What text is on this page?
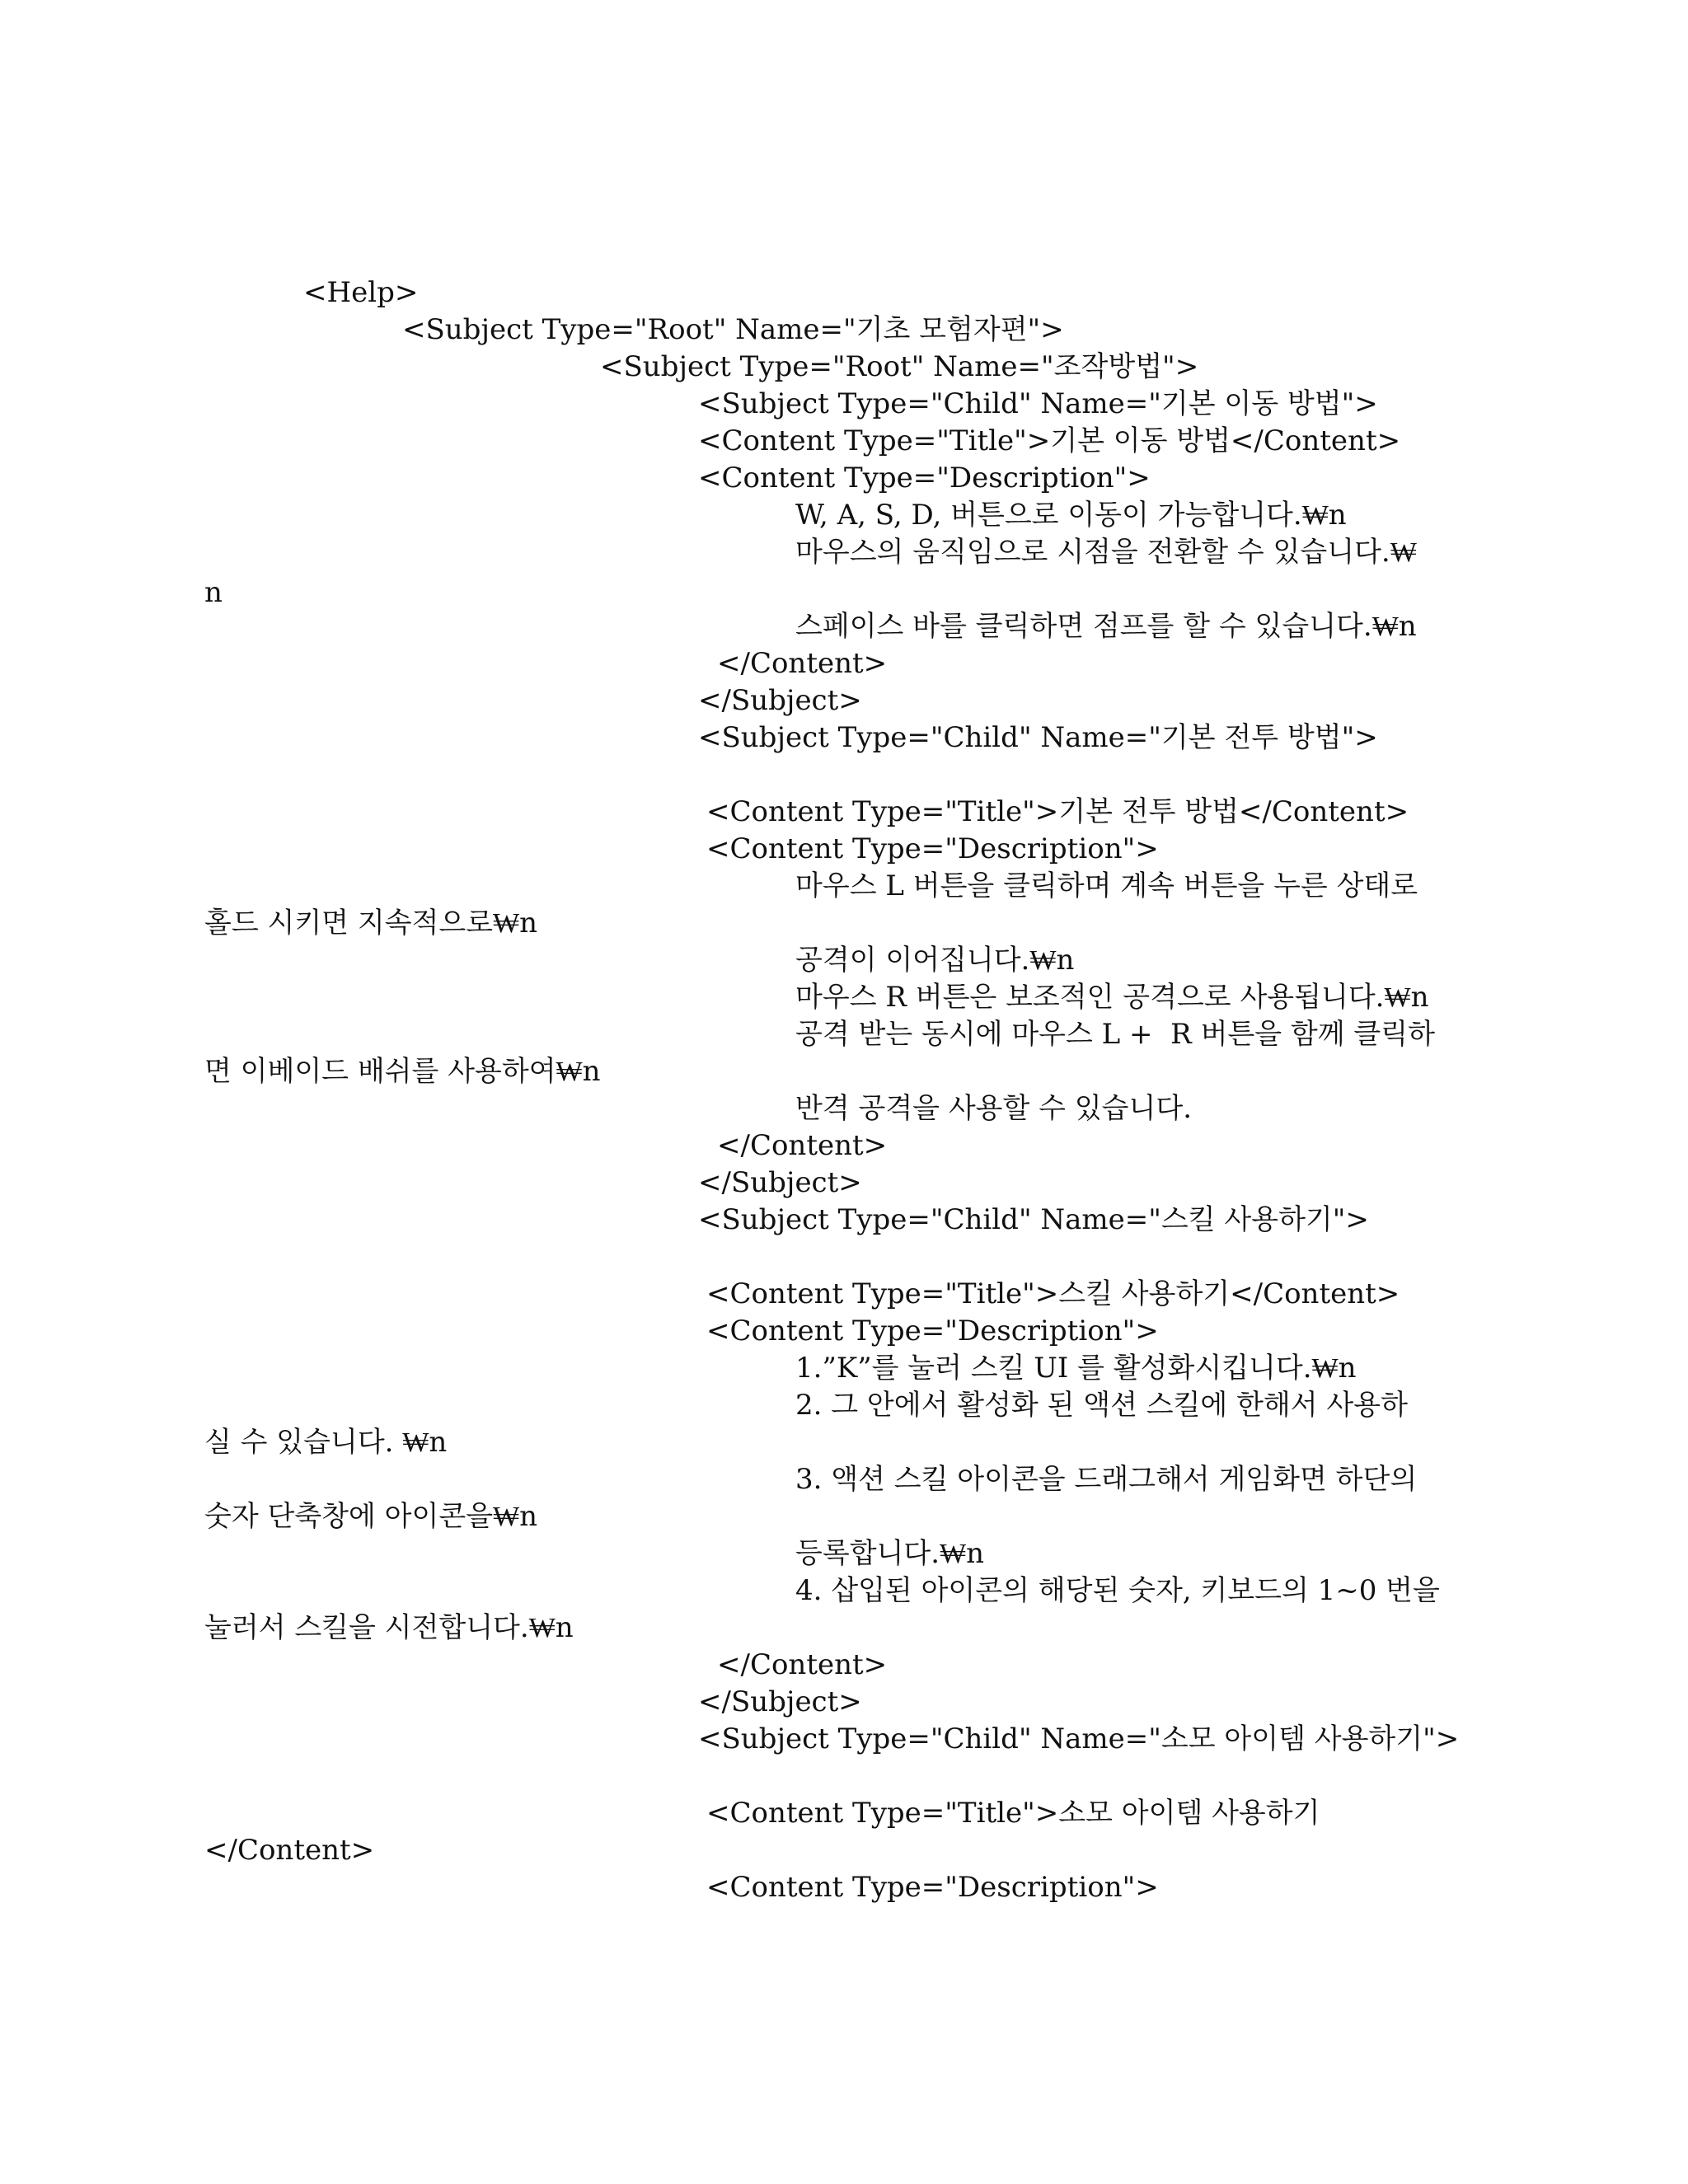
<Help>
<Subject Type="Root" Name="기초 모험자편">
<Subject Type="Root" Name="조작방법">
<Subject Type="Child" Name="기본 이동 방법">
<Content Type="Title">기본 이동 방법</Content>
<Content Type="Description">
W, A, S, D, 버튼으로 이동이 가능합니다.₩n
마우스의 움직임으로 시점을 전환할 수 있습니다.₩
n
스페이스 바를 클릭하면 점프를 할 수 있습니다.₩n
</Content>
</Subject>
<Subject Type="Child" Name="기본 전투 방법">
<Content Type="Title">기본 전투 방법</Content>
<Content Type="Description">
마우스 L 버튼을 클릭하며 계속 버튼을 누른 상태로
홀드 시키면 지속적으로₩n
공격이 이어집니다.₩n
마우스 R 버튼은 보조적인 공격으로 사용됩니다.₩n
공격 받는 동시에 마우스 L +  R 버튼을 함께 클릭하
면 이베이드 배쉬를 사용하여₩n
반격 공격을 사용할 수 있습니다.
</Content>
</Subject>
<Subject Type="Child" Name="스킬 사용하기">
<Content Type="Title">스킬 사용하기</Content>
<Content Type="Description">
1.”K”를 눌러 스킬 UI 를 활성화시킵니다.₩n
2. 그 안에서 활성화 된 액션 스킬에 한해서 사용하
실 수 있습니다. ₩n
3. 액션 스킬 아이콘을 드래그해서 게임화면 하단의
숫자 단축창에 아이콘을₩n
등록합니다.₩n
4. 삽입된 아이콘의 해당된 숫자, 키보드의 1~0 번을
눌러서 스킬을 시전합니다.₩n
</Content>
</Subject>
<Subject Type="Child" Name="소모 아이템 사용하기">
<Content Type="Title">소모 아이템 사용하기
</Content>
<Content Type="Description">
